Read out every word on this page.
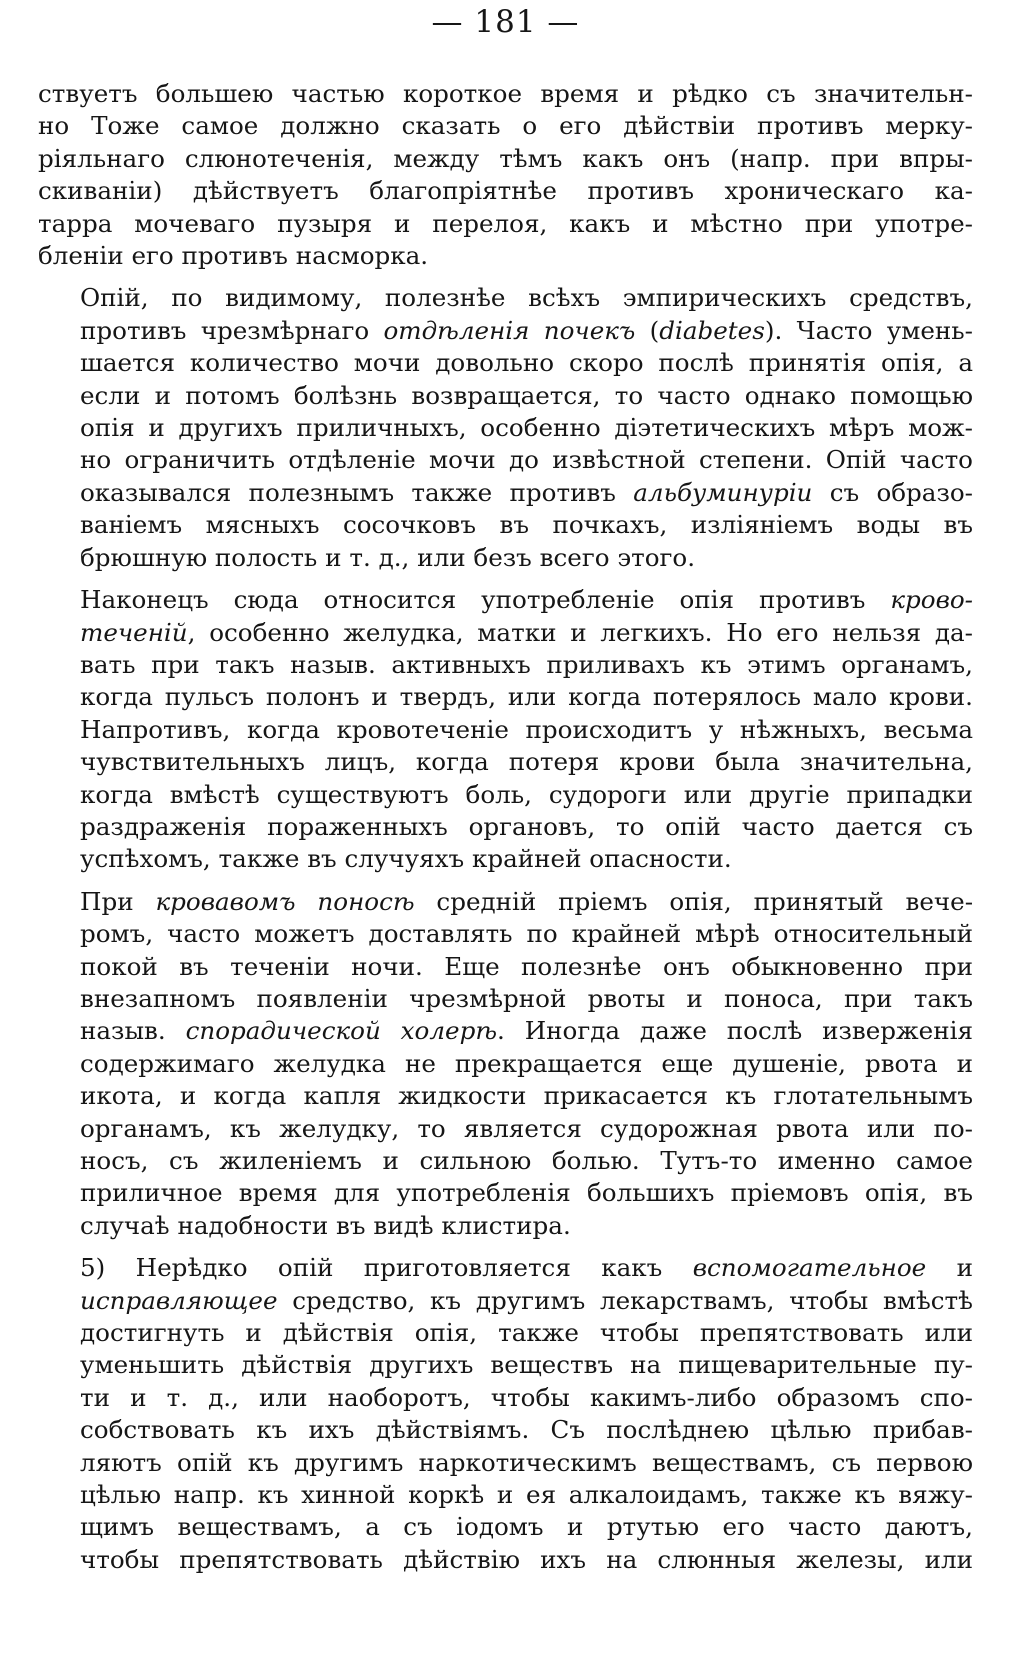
— 181 —
ствуетъ большею частью короткое время и рѣдко съ значительн-
но Тоже самое должно сказать о его дѣйствіи противъ мерку-
ріяльнаго слюнотеченія, между тѣмъ какъ онъ (напр. при впры-
скиваніи) дѣйствуетъ благопріятнѣе противъ хроническаго ка-
тарра мочеваго пузыря и перелоя, какъ и мѣстно при употре-
бленіи его противъ насморка.
Опій, по видимому, полезнѣе всѣхъ эмпирическихъ средствъ,
противъ чрезмѣрнаго отдѣленія почекъ (diabetes). Часто умень-
шается количество мочи довольно скоро послѣ принятія опія, а
если и потомъ болѣзнь возвращается, то часто однако помощью
опія и другихъ приличныхъ, особенно діэтетическихъ мѣръ мож-
но ограничить отдѣленіе мочи до извѣстной степени. Опій часто
оказывался полезнымъ также противъ альбуминуріи съ образо-
ваніемъ мясныхъ сосочковъ въ почкахъ, изліяніемъ воды въ
брюшную полость и т. д., или безъ всего этого.
Наконецъ сюда относится употребленіе опія противъ крово-
теченій, особенно желудка, матки и легкихъ. Но его нельзя да-
вать при такъ назыв. активныхъ приливахъ къ этимъ органамъ,
когда пульсъ полонъ и твердъ, или когда потерялось мало крови.
Напротивъ, когда кровотеченіе происходитъ у нѣжныхъ, весьма
чувствительныхъ лицъ, когда потеря крови была значительна,
когда вмѣстѣ существуютъ боль, судороги или другіе припадки
раздраженія пораженныхъ органовъ, то опій часто дается съ
успѣхомъ, также въ случуяхъ крайней опасности.
При кровавомъ поносѣ средній пріемъ опія, принятый вече-
ромъ, часто можетъ доставлять по крайней мѣрѣ относительный
покой въ теченіи ночи. Еще полезнѣе онъ обыкновенно при
внезапномъ появленіи чрезмѣрной рвоты и поноса, при такъ
назыв. спорадической холерѣ. Иногда даже послѣ изверженія
содержимаго желудка не прекращается еще душеніе, рвота и
икота, и когда капля жидкости прикасается къ глотательнымъ
органамъ, къ желудку, то является судорожная рвота или по-
носъ, съ жиленіемъ и сильною болью. Тутъ-то именно самое
приличное время для употребленія большихъ пріемовъ опія, въ
случаѣ надобности въ видѣ клистира.
5) Нерѣдко опій приготовляется какъ вспомогательное и
исправляющее средство, къ другимъ лекарствамъ, чтобы вмѣстѣ
достигнуть и дѣйствія опія, также чтобы препятствовать или
уменьшить дѣйствія другихъ веществъ на пищеварительные пу-
ти и т. д., или наоборотъ, чтобы какимъ-либо образомъ спо-
собствовать къ ихъ дѣйствіямъ. Съ послѣднею цѣлью прибав-
ляютъ опій къ другимъ наркотическимъ веществамъ, съ первою
цѣлью напр. къ хинной коркѣ и ея алкалоидамъ, также къ вяжу-
щимъ веществамъ, а съ іодомъ и ртутью его часто даютъ,
чтобы препятствовать дѣйствію ихъ на слюнныя железы, или
